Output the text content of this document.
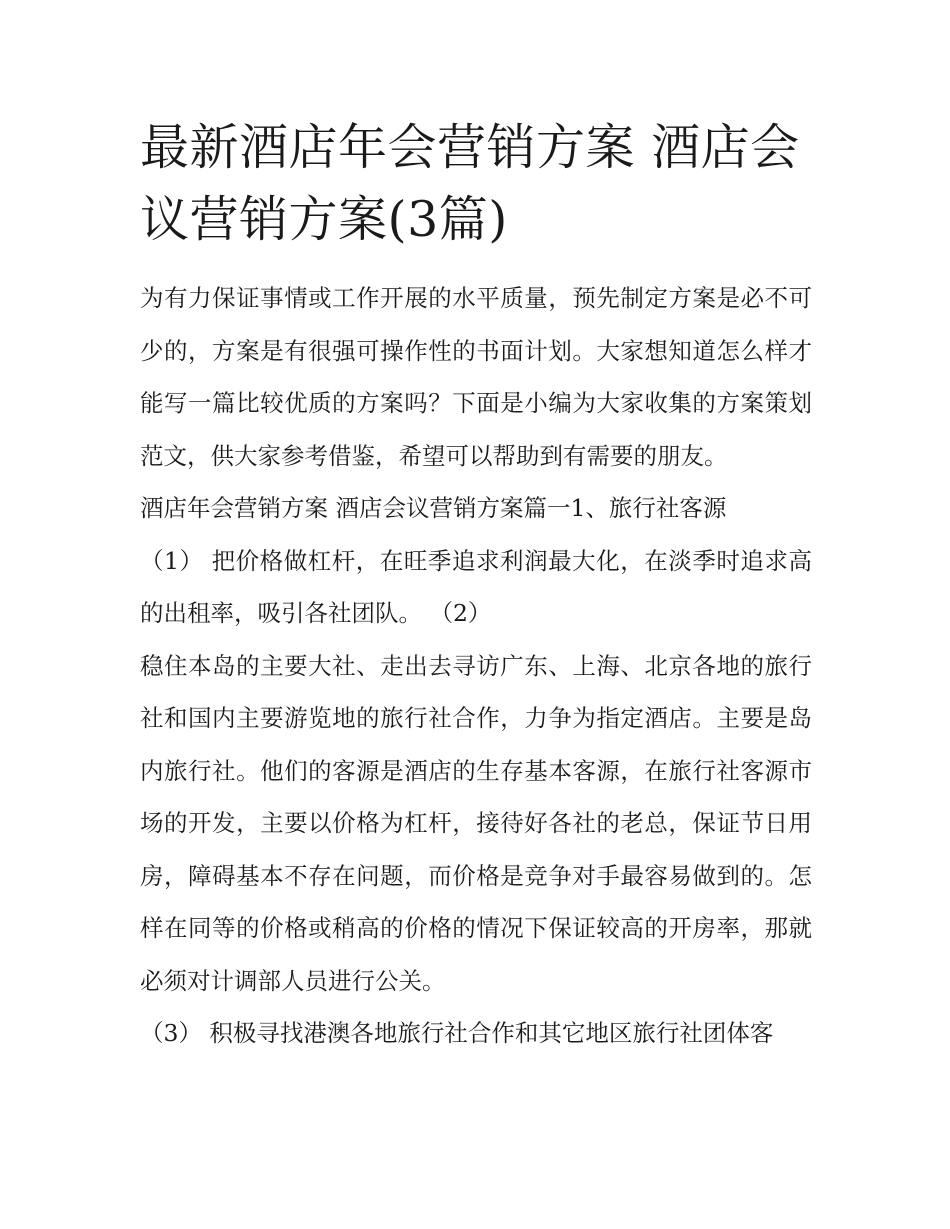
最新酒店年会营销方案 酒店会议营销方案(3篇)

为有力保证事情或工作开展的水平质量，预先制定方案是必不可少的，方案是有很强可操作性的书面计划。大家想知道怎么样才能写一篇比较优质的方案吗？下面是小编为大家收集的方案策划范文，供大家参考借鉴，希望可以帮助到有需要的朋友。

酒店年会营销方案 酒店会议营销方案篇一1、旅行社客源

（1） 把价格做杠杆，在旺季追求利润最大化，在淡季时追求高的出租率，吸引各社团队。 （2）

稳住本岛的主要大社、走出去寻访广东、上海、北京各地的旅行社和国内主要游览地的旅行社合作，力争为指定酒店。主要是岛内旅行社。他们的客源是酒店的生存基本客源，在旅行社客源市场的开发，主要以价格为杠杆，接待好各社的老总，保证节日用房，障碍基本不存在问题，而价格是竞争对手最容易做到的。怎样在同等的价格或稍高的价格的情况下保证较高的开房率，那就必须对计调部人员进行公关。

（3） 积极寻找港澳各地旅行社合作和其它地区旅行社团体客
